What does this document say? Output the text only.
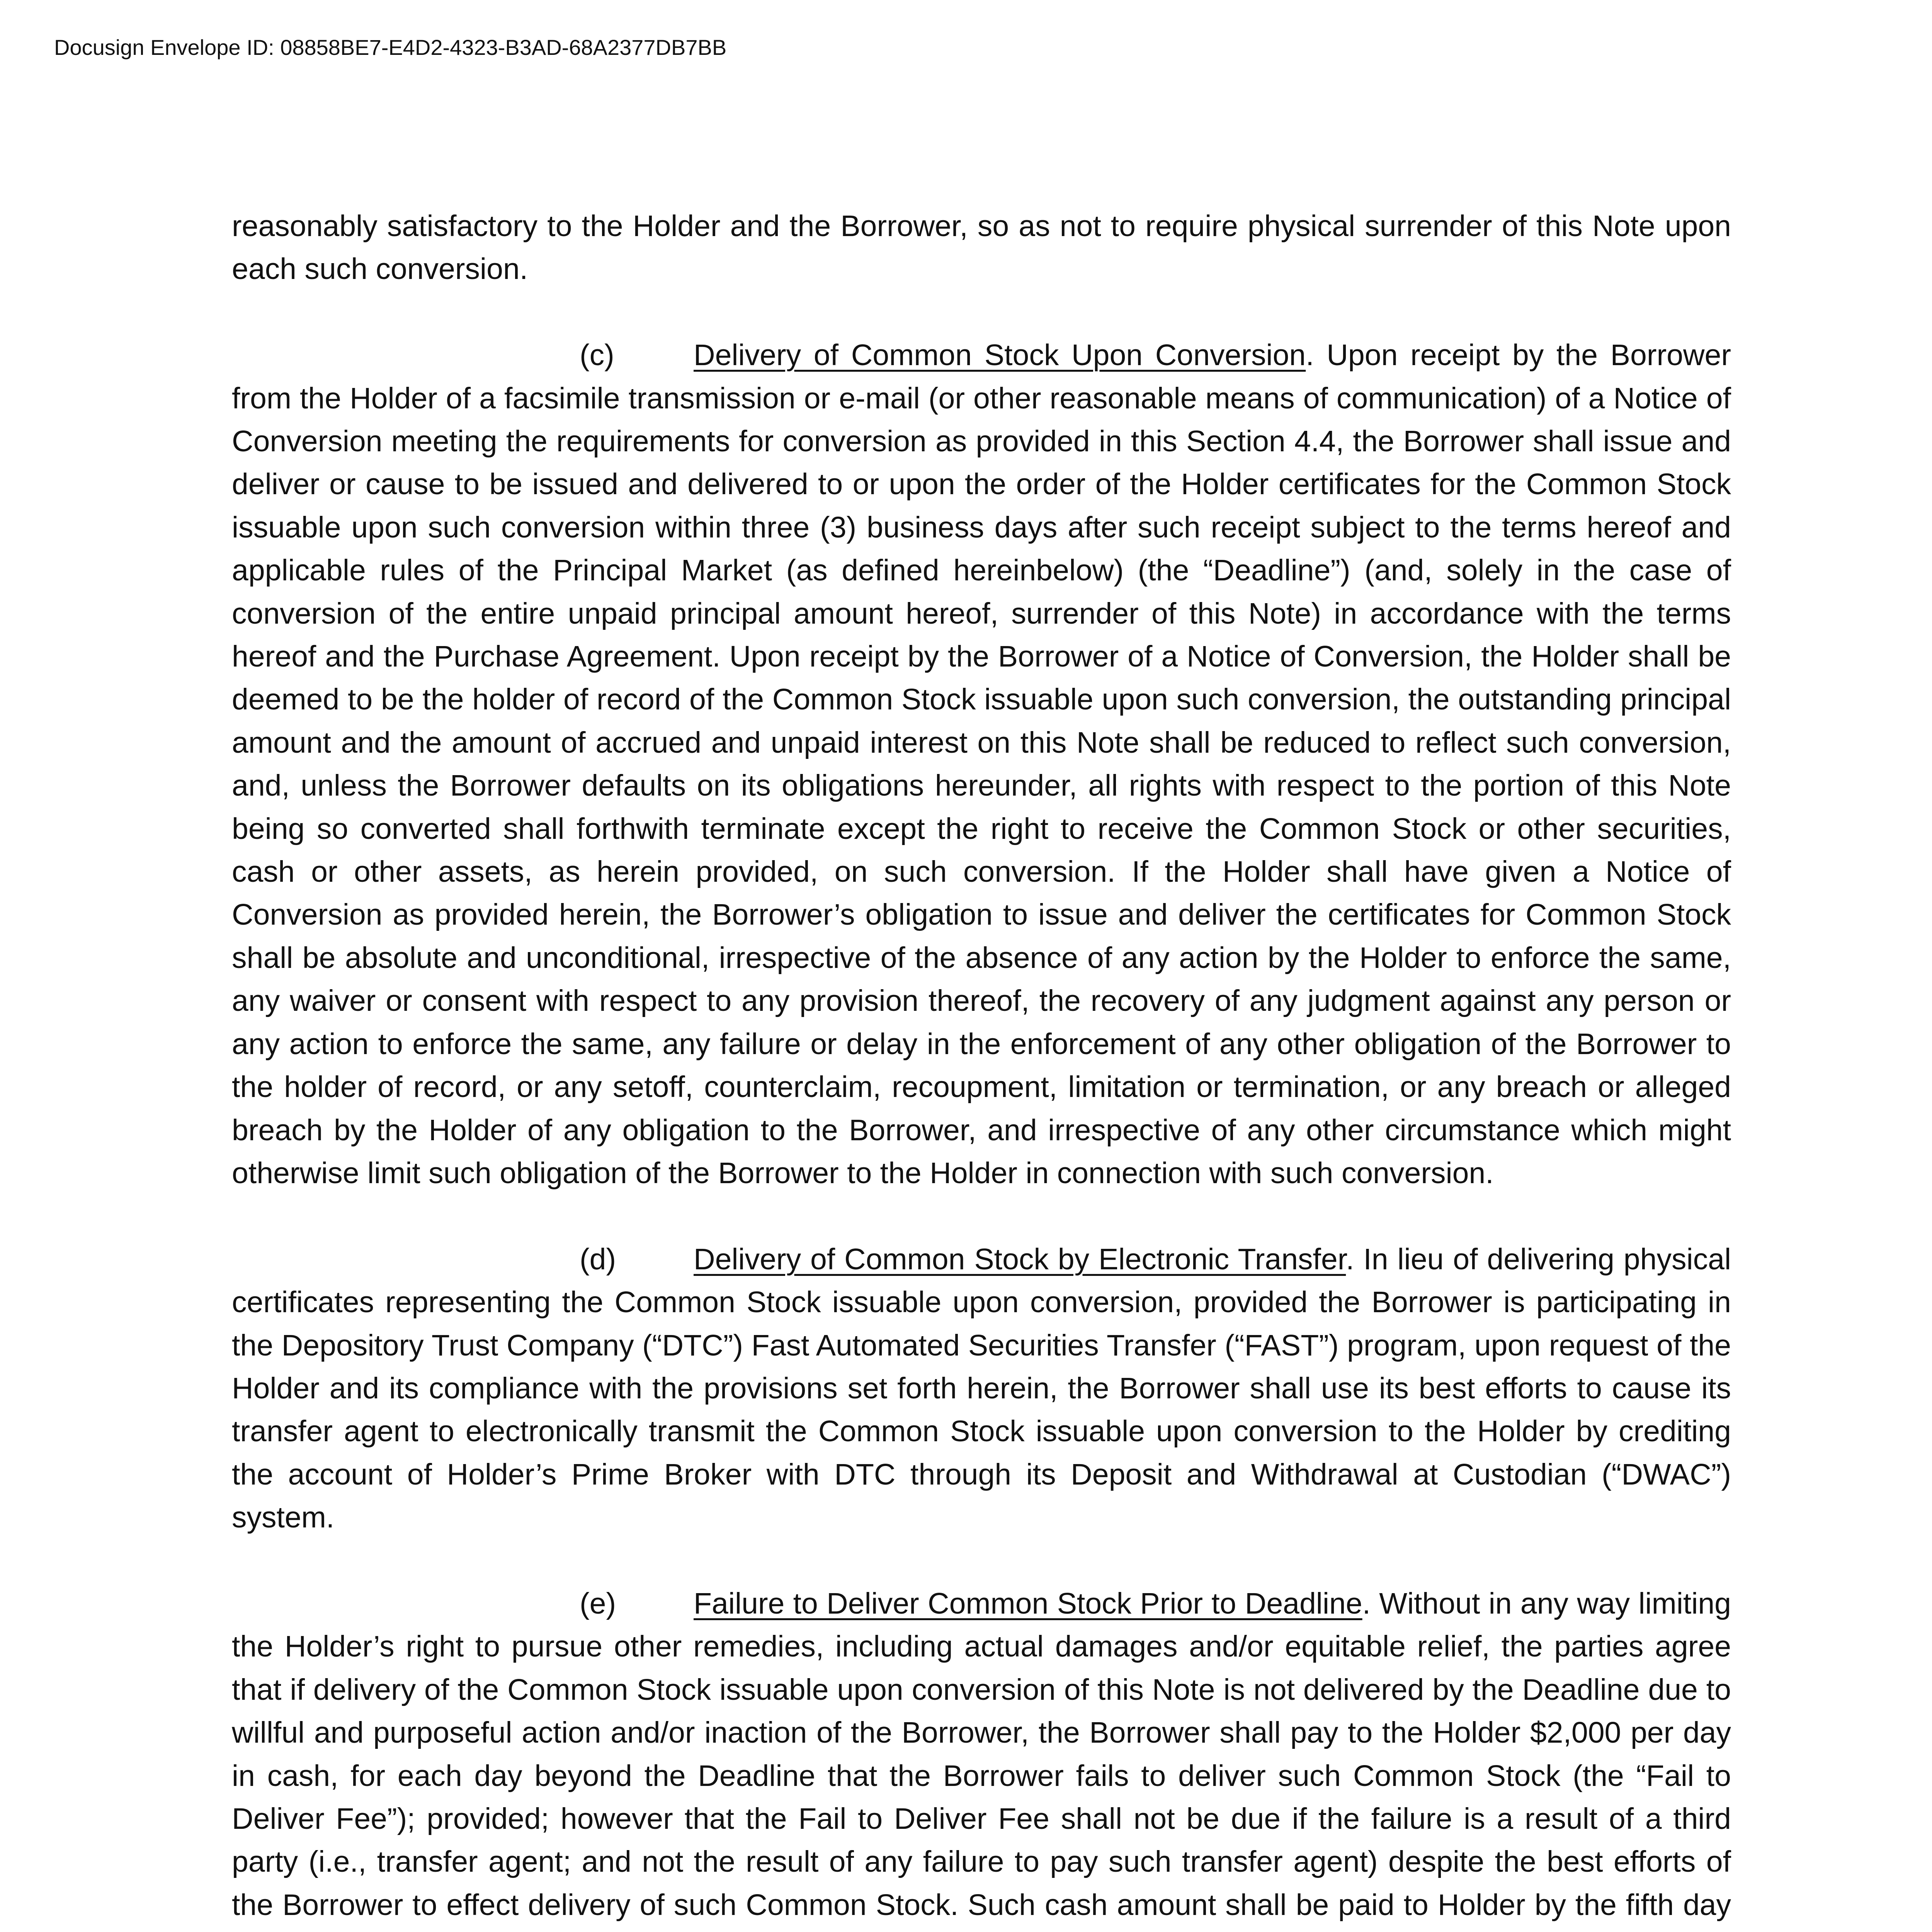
Docusign Envelope ID: 08858BE7-E4D2-4323-B3AD-68A2377DB7BB

reasonably satisfactory to the Holder and the Borrower, so as not to require physical surrender of this Note upon each such conversion.

(c)	Delivery of Common Stock Upon Conversion. Upon receipt by the Borrower from the Holder of a facsimile transmission or e-mail (or other reasonable means of communication) of a Notice of Conversion meeting the requirements for conversion as provided in this Section 4.4, the Borrower shall issue and deliver or cause to be issued and delivered to or upon the order of the Holder certificates for the Common Stock issuable upon such conversion within three (3) business days after such receipt subject to the terms hereof and applicable rules of the Principal Market (as defined hereinbelow) (the “Deadline”) (and, solely in the case of conversion of the entire unpaid principal amount hereof, surrender of this Note) in accordance with the terms hereof and the Purchase Agreement. Upon receipt by the Borrower of a Notice of Conversion, the Holder shall be deemed to be the holder of record of the Common Stock issuable upon such conversion, the outstanding principal amount and the amount of accrued and unpaid interest on this Note shall be reduced to reflect such conversion, and, unless the Borrower defaults on its obligations hereunder, all rights with respect to the portion of this Note being so converted shall forthwith terminate except the right to receive the Common Stock or other securities, cash or other assets, as herein provided, on such conversion. If the Holder shall have given a Notice of Conversion as provided herein, the Borrower’s obligation to issue and deliver the certificates for Common Stock shall be absolute and unconditional, irrespective of the absence of any action by the Holder to enforce the same, any waiver or consent with respect to any provision thereof, the recovery of any judgment against any person or any action to enforce the same, any failure or delay in the enforcement of any other obligation of the Borrower to the holder of record, or any setoff, counterclaim, recoupment, limitation or termination, or any breach or alleged breach by the Holder of any obligation to the Borrower, and irrespective of any other circumstance which might otherwise limit such obligation of the Borrower to the Holder in connection with such conversion.

(d)	Delivery of Common Stock by Electronic Transfer. In lieu of delivering physical certificates representing the Common Stock issuable upon conversion, provided the Borrower is participating in the Depository Trust Company (“DTC”) Fast Automated Securities Transfer (“FAST”) program, upon request of the Holder and its compliance with the provisions set forth herein, the Borrower shall use its best efforts to cause its transfer agent to electronically transmit the Common Stock issuable upon conversion to the Holder by crediting the account of Holder’s Prime Broker with DTC through its Deposit and Withdrawal at Custodian (“DWAC”) system.

(e)	Failure to Deliver Common Stock Prior to Deadline. Without in any way limiting the Holder’s right to pursue other remedies, including actual damages and/or equitable relief, the parties agree that if delivery of the Common Stock issuable upon conversion of this Note is not delivered by the Deadline due to willful and purposeful action and/or inaction of the Borrower, the Borrower shall pay to the Holder $2,000 per day in cash, for each day beyond the Deadline that the Borrower fails to deliver such Common Stock (the “Fail to Deliver Fee”); provided; however that the Fail to Deliver Fee shall not be due if the failure is a result of a third party (i.e., transfer agent; and not the result of any failure to pay such transfer agent) despite the best efforts of the Borrower to effect delivery of such Common Stock. Such cash amount shall be paid to Holder by the fifth day
